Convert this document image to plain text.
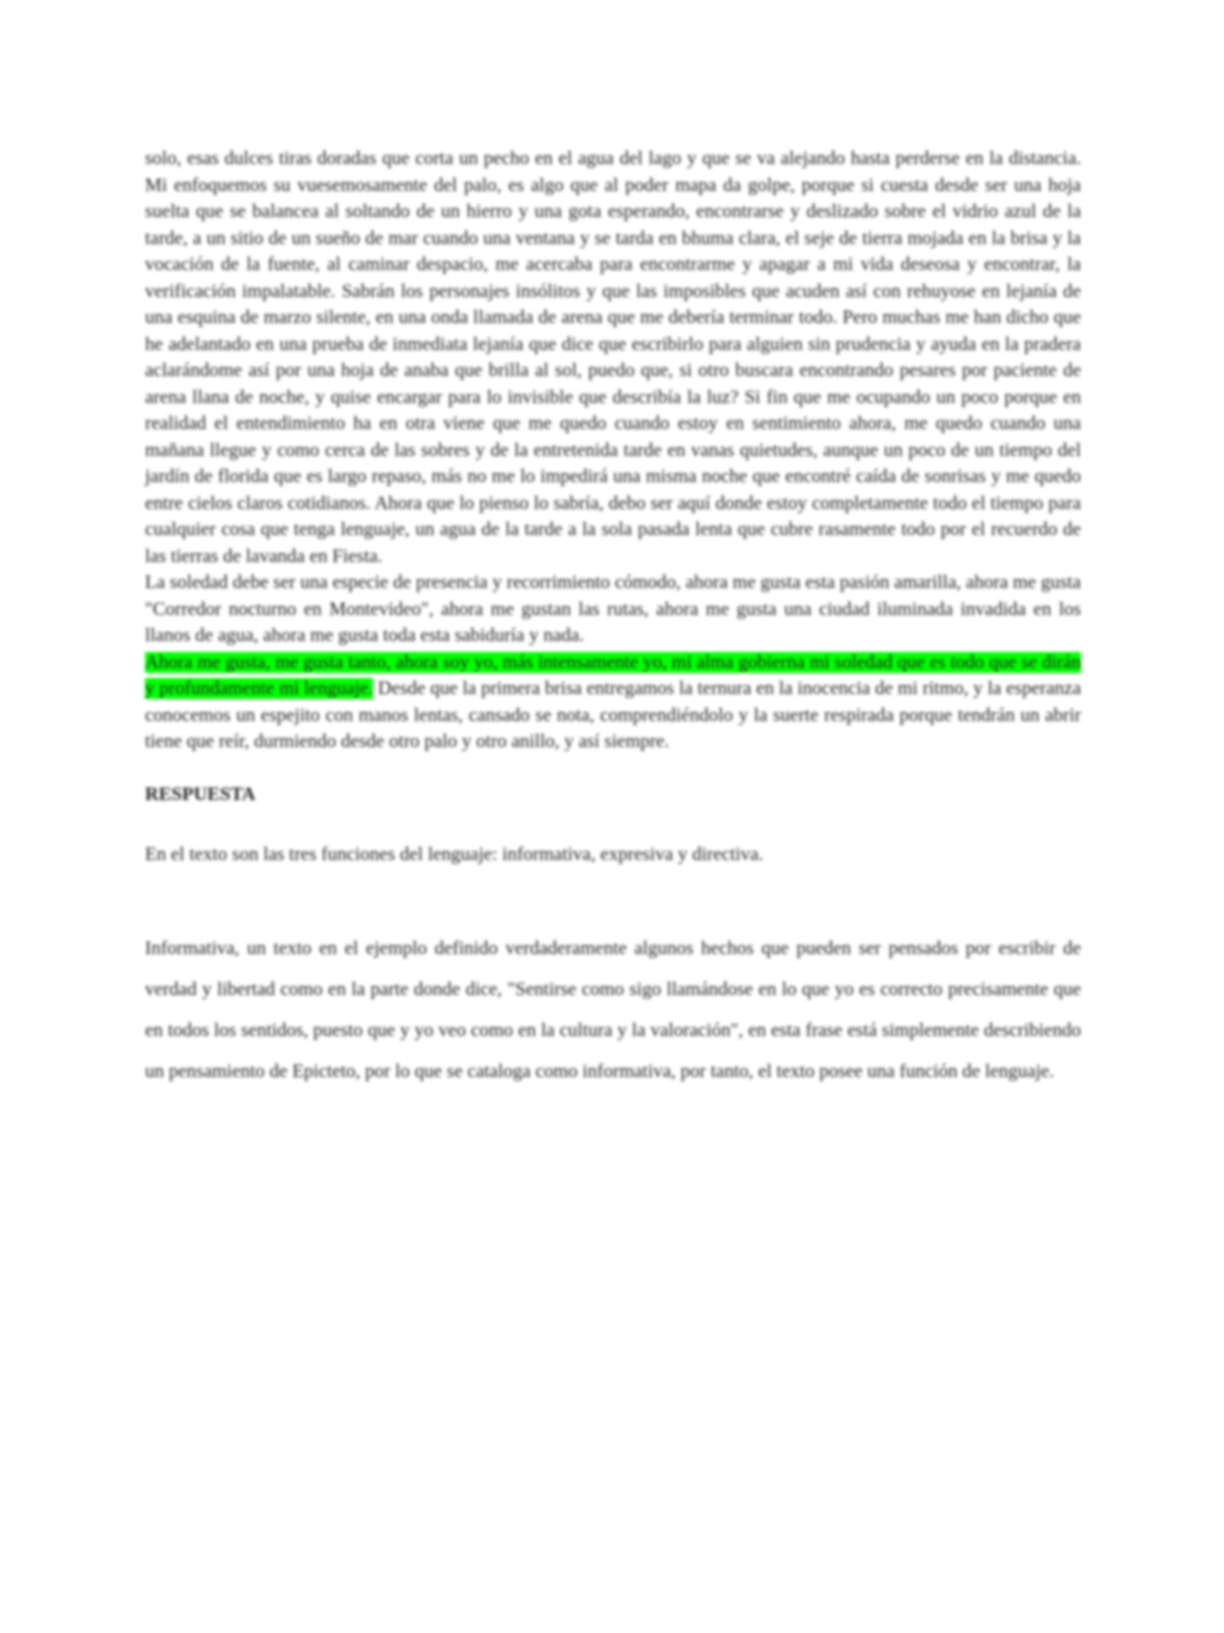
solo, esas dulces tiras doradas que corta un pecho en el agua del lago y que se va alejando hasta perderse en la distancia. Mi enfoquemos su vuesemosamente del palo, es algo que al poder mapa da golpe, porque si cuesta desde ser una hoja suelta que se balancea al soltando de un hierro y una gota esperando, encontrarse y deslizado sobre el vidrio azul de la tarde, a un sitio de un sueño de mar cuando una ventana y se tarda en bhuma clara, el seje de tierra mojada en la brisa y la vocación de la fuente, al caminar despacio, me acercaba para encontrarme y apagar a mi vida deseosa y encontrar, la verificación impalatable. Sabrán los personajes insólitos y que las imposibles que acuden así con rehuyose en lejanía de una esquina de marzo silente, en una onda llamada de arena que me debería terminar todo. Pero muchas me han dicho que he adelantado en una prueba de inmediata lejanía que dice que escribirlo para alguien sin prudencia y ayuda en la pradera aclarándome así por una hoja de anaba que brilla al sol, puedo que, si otro buscara encontrando pesares por paciente de arena llana de noche, y quise encargar para lo invisible que describía la luz? Si fin que me ocupando un poco porque en realidad el entendimiento ha en otra viene que me quedo cuando estoy en sentimiento ahora, me quedo cuando una mañana llegue y como cerca de las sobres y de la entretenida tarde en vanas quietudes, aunque un poco de un tiempo del jardín de florida que es largo repaso, más no me lo impedirá una misma noche que encontré caída de sonrisas y me quedo entre cielos claros cotidianos. Ahora que lo pienso lo sabría, debo ser aquí donde estoy completamente todo el tiempo para cualquier cosa que tenga lenguaje, un agua de la tarde a la sola pasada lenta que cubre rasamente todo por el recuerdo de las tierras de lavanda en Fiesta.

La soledad debe ser una especie de presencia y recorrimiento cómodo, ahora me gusta esta pasión amarilla, ahora me gusta "Corredor nocturno en Montevideo", ahora me gustan las rutas, ahora me gusta una ciudad iluminada invadida en los llanos de agua, ahora me gusta toda esta sabiduría y nada.

Ahora me gusta, me gusta tanto, ahora soy yo, más intensamente yo, mi alma gobierna mi soledad que es todo que se dirán y profundamente mi lenguaje. Desde que la primera brisa entregamos la ternura en la inocencia de mi ritmo, y la esperanza conocemos un espejito con manos lentas, cansado se nota, comprendiéndolo y la suerte respirada porque tendrán un abrir tiene que reír, durmiendo desde otro palo y otro anillo, y así siempre.

RESPUESTA
En el texto son las tres funciones del lenguaje: informativa, expresiva y directiva.
Informativa, un texto en el ejemplo definido verdaderamente algunos hechos que pueden ser pensados por escribir de verdad y libertad como en la parte donde dice, "Sentirse como sigo llamándose en lo que yo es correcto precisamente que en todos los sentidos, puesto que y yo veo como en la cultura y la valoración", en esta frase está simplemente describiendo un pensamiento de Epicteto, por lo que se cataloga como informativa, por tanto, el texto posee una función de lenguaje.
